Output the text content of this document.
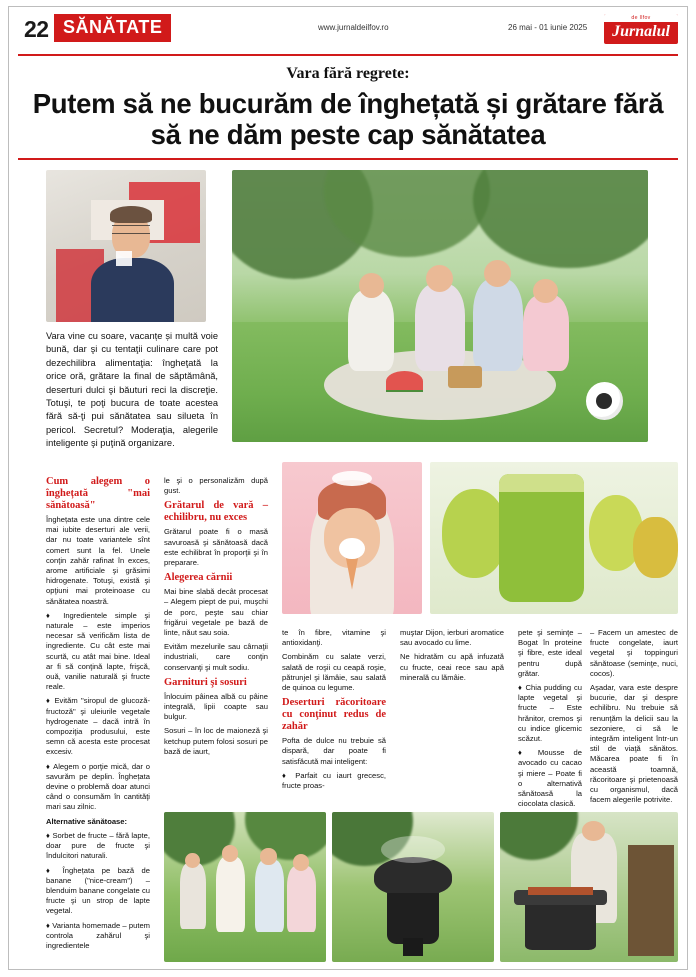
22 SĂNĂTATE	www.jurnaldeilfov.ro	26 mai - 01 iunie 2025
de Ilfov
Jurnalul
Vara fără regrete:
Putem să ne bucurăm de înghețată și grătare fără să ne dăm peste cap sănătatea
Vara vine cu soare, vacanțe și multă voie bună, dar şi cu tentaţii culinare care pot dezechilibra alimentaţia: îngheţată la orice oră, grătare la final de săptămână, deserturi dulci şi băuturi reci la discreţie. Totuşi, te poţi bucura de toate acestea fără să-ţi pui sănătatea sau silueta în pericol. Secretul? Moderaţia, alegerile inteligente şi puţină organizare.
Cum alegem o înghețată "mai sănătoasă"

Înghețata este una dintre cele mai iubite deserturi ale verii, dar nu toate variantele sînt comert sunt la fel. Unele conţin zahăr rafinat în exces, arome artificiale şi grăsimi hidrogenate. Totuşi, există şi opţiuni mai proteinoase cu sănătatea noastră.

♦ Ingredientele simple şi naturale – este imperios necesar să verificăm lista de ingrediente. Cu cât este mai scurtă, cu atât mai bine. Ideal ar fi să conţină lapte, frişcă, ouă, vanilie naturală şi fructe reale.

♦ Evităm "siropul de glucoză-fructoză" şi uleiurile vegetale hydrogenate – dacă intră în compoziţia produsului, este semn că acesta este procesat excesiv.

♦ Alegem o porţie mică, dar o savurăm pe deplin. Înghețata devine o problemă doar atunci când o consumăm în cantităţi mari sau zilnic.

Alternative sănătoase:

♦ Sorbet de fructe – fără lapte, doar pure de fructe şi îndulcitori naturali.

♦ Înghețata pe bază de banane ("nice-cream") – blenduim banane congelate cu fructe şi un strop de lapte vegetal.

♦ Varianta homemade – putem controla zahărul şi ingredientele

le şi o personalizăm după gust.

Grătarul de vară – echilibru, nu exces

Grătarul poate fi o masă savuroasă şi sănătoasă dacă este echilibrat în proporţii şi în preparare.

Alegerea cărnii

Mai bine slabă decât procesat – Alegem piept de pui, muşchi de porc, peşte sau chiar frigărui vegetale pe bază de linte, năut sau soia.

Evităm mezelurile sau cârnaţii industriali, care conţin conservanţi şi mult sodiu.

Garnituri şi sosuri

Înlocuim pâinea albă cu pâine integrală, lipii coapte sau bulgur.

Sosuri – în loc de maioneză şi ketchup putem folosi sosuri pe bază de iaurt,

te în fibre, vitamine şi antioxidanţi.

Combinăm cu salate verzi, salată de roşii cu ceapă roşie, pătrunjel şi lămâie, sau salată de quinoa cu legume.

Deserturi răcoritoare cu conţinut redus de zahăr

Pofta de dulce nu trebuie să dispară, dar poate fi satisfăcută mai inteligent:

♦ Parfait cu iaurt grecesc, fructe proas-

muştar Dijon, ierburi aromatice sau avocado cu lime.

Ne hidratăm cu apă infuzată cu fructe, ceai rece sau apă minerală cu lămâie.

pete şi seminţe – Bogat în proteine şi fibre, este ideal pentru după grătar.

♦ Chia pudding cu lapte vegetal şi fructe – Este hrănitor, cremos şi cu indice glicemic scăzut.

♦ Mousse de avocado cu cacao şi miere – Poate fi o alternativă sănătoasă la ciocolata clasică.

– Facem un amestec de fructe congelate, iaurt vegetal şi toppinguri sănătoase (seminţe, nuci, cocos).

Aşadar, vara este despre bucurie, dar şi despre echilibru. Nu trebuie să renunţăm la delicii sau la sezoniere, ci să le integrăm inteligent într-un stil de viaţă sănătos. Măcarea poate fi în această toamnă, răcoritoare şi prietenoasă cu organismul, dacă facem alegerile potrivite.
